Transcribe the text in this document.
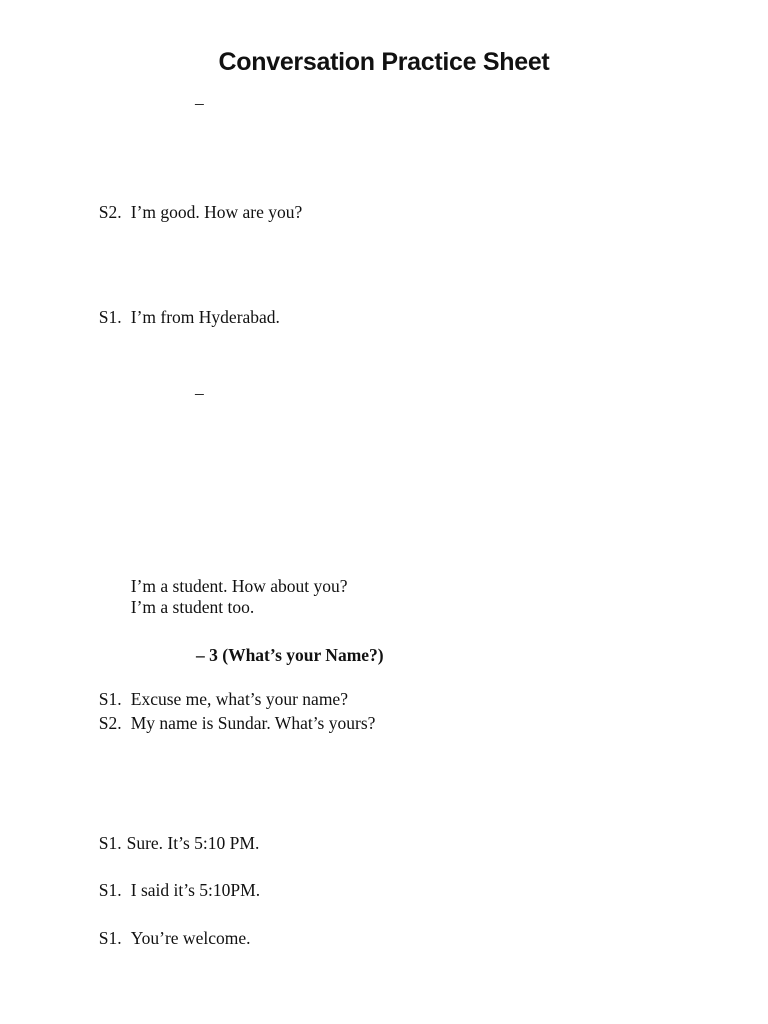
Conversation Practice Sheet
–

S2. I’m good. How are you?

S1. I’m from Hyderabad.

–

I’m a student. How about you?

I’m a student too.

– 3 (What’s your Name?)

S1. Excuse me, what’s your name?

S2. My name is Sundar. What’s yours?

S1. Sure. It’s 5:10 PM.

S1. I said it’s 5:10PM.

S1. You’re welcome.
